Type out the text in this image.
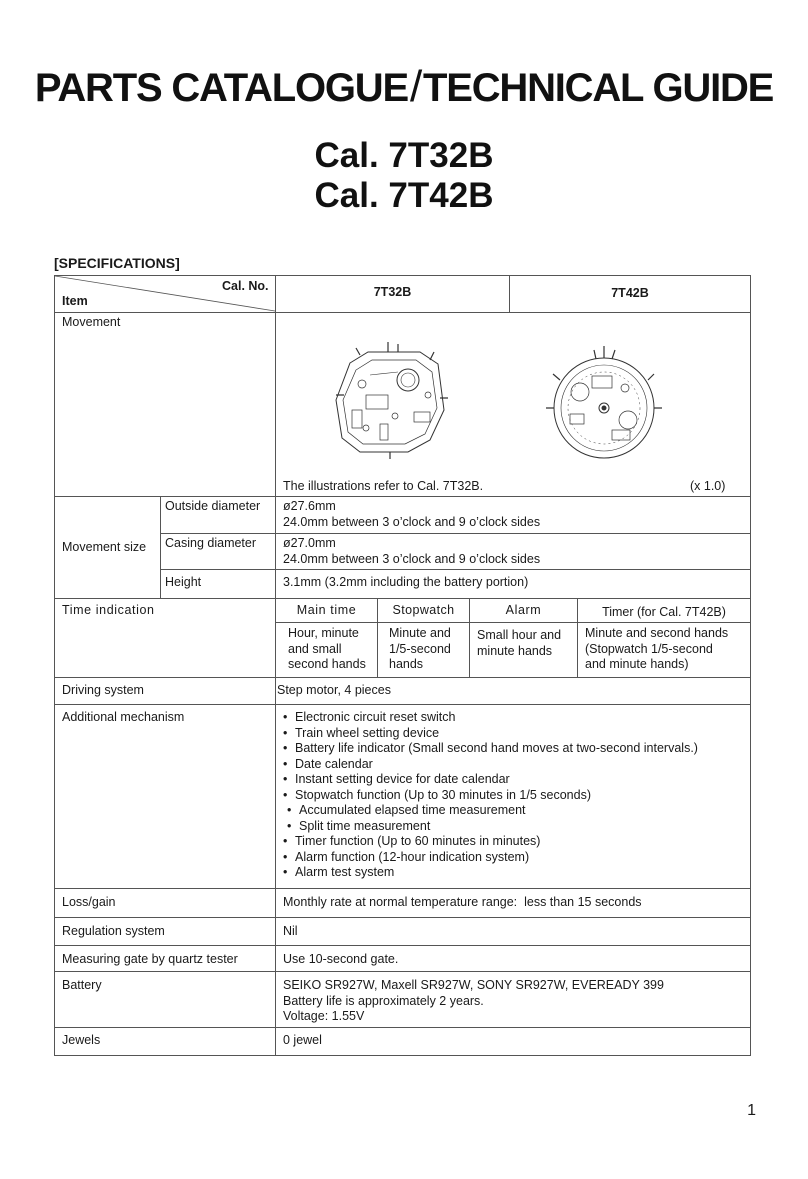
PARTS CATALOGUE/TECHNICAL GUIDE
Cal. 7T32B
Cal. 7T42B
[SPECIFICATIONS]
Cal. No.
Item
7T32B	7T42B
Movement
The illustrations refer to Cal. 7T32B.	(x 1.0)
Movement size
Outside diameter ø27.6mm
24.0mm between 3 o’clock and 9 o’clock sides
Casing diameter ø27.0mm
24.0mm between 3 o’clock and 9 o’clock sides
Height	3.1mm (3.2mm including the battery portion)
Time indication	Main time	Stopwatch	Alarm	Timer (for Cal. 7T42B)
Hour, minute
and small
second hands
Minute and
1/5-second
hands
Small hour and
minute hands
Minute and second hands
(Stopwatch 1/5-second
and minute hands)
Driving system	Step motor, 4 pieces
Additional mechanism
•	Electronic circuit reset switch
• Train wheel setting device
• Battery life indicator (Small second hand moves at two-second intervals.)
• Date calendar
• Instant setting device for date calendar
• Stopwatch function (Up to 30 minutes in 1/5 seconds)
• Accumulated elapsed time measurement
• Split time measurement
• Timer function (Up to 60 minutes in minutes)
• Alarm function (12-hour indication system)
• Alarm test system
Loss/gain	Monthly rate at normal temperature range:  less than 15 seconds
Regulation system	Nil
Measuring gate by quartz tester	Use 10-second gate.
Battery	SEIKO SR927W, Maxell SR927W, SONY SR927W, EVEREADY 399
Battery life is approximately 2 years.
Voltage: 1.55V
Jewels	0 jewel
1
